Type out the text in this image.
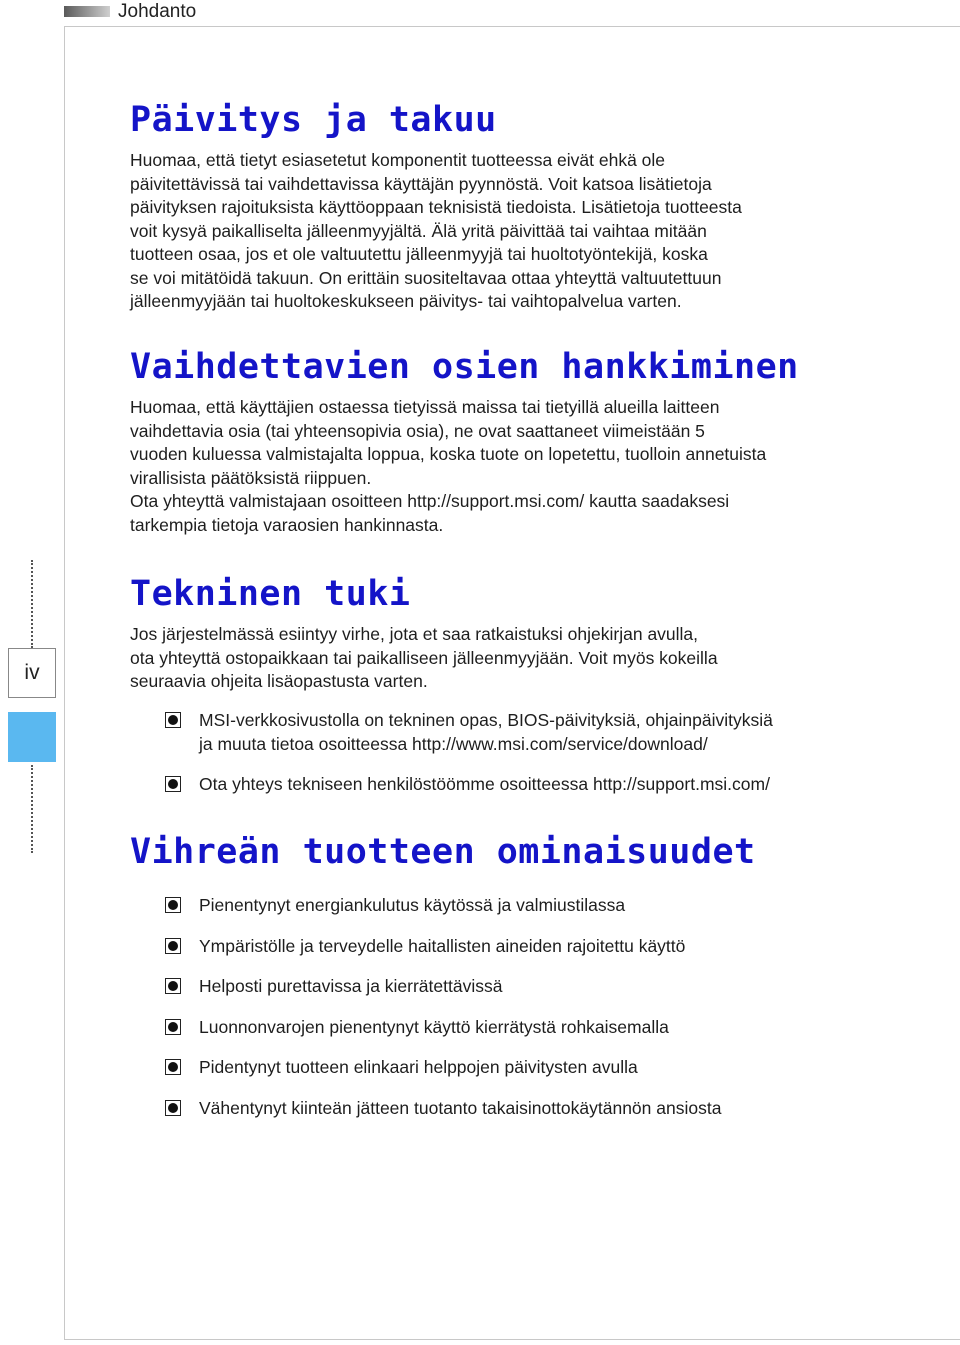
Johdanto
iv
Päivitys ja takuu

Huomaa, että tietyt esiasetetut komponentit tuotteessa eivät ehkä ole

päivitettävissä tai vaihdettavissa käyttäjän pyynnöstä. Voit katsoa lisätietoja

päivityksen rajoituksista käyttöoppaan teknisistä tiedoista. Lisätietoja tuotteesta

voit kysyä paikalliselta jälleenmyyjältä. Älä yritä päivittää tai vaihtaa mitään

tuotteen osaa, jos et ole valtuutettu jälleenmyyjä tai huoltotyöntekijä, koska

se voi mitätöidä takuun. On erittäin suositeltavaa ottaa yhteyttä valtuutettuun

jälleenmyyjään tai huoltokeskukseen päivitys- tai vaihtopalvelua varten.

Vaihdettavien osien hankkiminen

Huomaa, että käyttäjien ostaessa tietyissä maissa tai tietyillä alueilla laitteen

vaihdettavia osia (tai yhteensopivia osia), ne ovat saattaneet viimeistään 5

vuoden kuluessa valmistajalta loppua, koska tuote on lopetettu, tuolloin annetuista

virallisista päätöksistä riippuen.

Ota yhteyttä valmistajaan osoitteen http://support.msi.com/ kautta saadaksesi

tarkempia tietoja varaosien hankinnasta.

Tekninen tuki

Jos järjestelmässä esiintyy virhe, jota et saa ratkaistuksi ohjekirjan avulla,

ota yhteyttä ostopaikkaan tai paikalliseen jälleenmyyjään. Voit myös kokeilla

seuraavia ohjeita lisäopastusta varten.

MSI-verkkosivustolla on tekninen opas, BIOS-päivityksiä, ohjainpäivityksiä
ja muuta tietoa osoitteessa http://www.msi.com/service/download/
Ota yhteys tekniseen henkilöstöömme osoitteessa http://support.msi.com/
Vihreän tuotteen ominaisuudet
Pienentynyt energiankulutus käytössä ja valmiustilassa
Ympäristölle ja terveydelle haitallisten aineiden rajoitettu käyttö
Helposti purettavissa ja kierrätettävissä
Luonnonvarojen pienentynyt käyttö kierrätystä rohkaisemalla
Pidentynyt tuotteen elinkaari helppojen päivitysten avulla
Vähentynyt kiinteän jätteen tuotanto takaisinottokäytännön ansiosta
